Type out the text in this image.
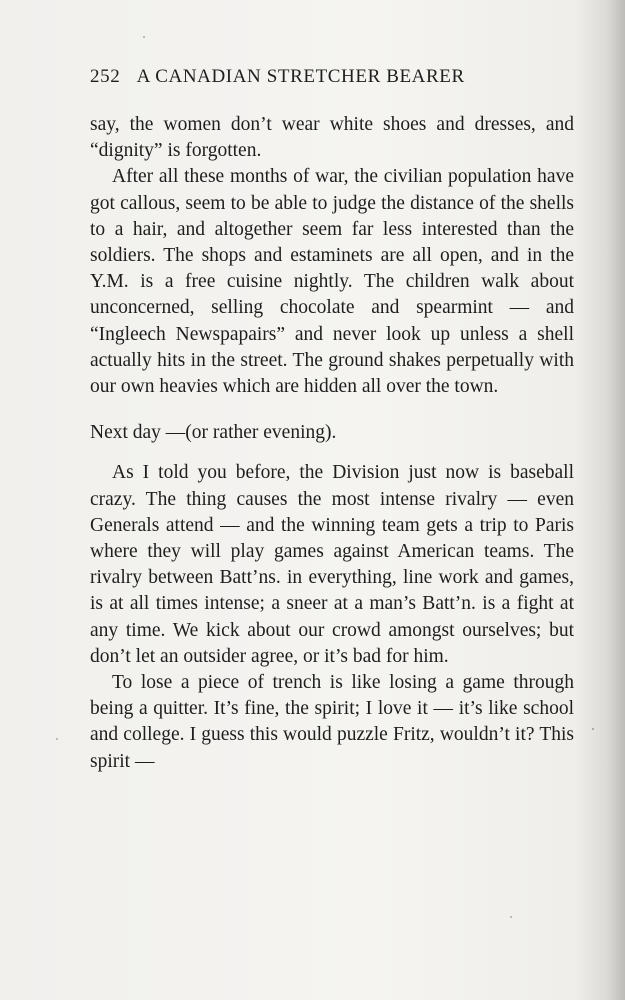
252 A CANADIAN STRETCHER BEARER

say, the women don’t wear white shoes and dresses, and “dignity” is forgotten.

After all these months of war, the civilian population have got callous, seem to be able to judge the distance of the shells to a hair, and altogether seem far less interested than the soldiers. The shops and estaminets are all open, and in the Y.M. is a free cuisine nightly. The children walk about unconcerned, selling chocolate and spearmint — and “Ingleech Newspapairs” and never look up unless a shell actually hits in the street. The ground shakes perpetually with our own heavies which are hidden all over the town.

Next day —(or rather evening).

As I told you before, the Division just now is baseball crazy. The thing causes the most intense rivalry — even Generals attend — and the winning team gets a trip to Paris where they will play games against American teams. The rivalry between Batt’ns. in everything, line work and games, is at all times intense; a sneer at a man’s Batt’n. is a fight at any time. We kick about our crowd amongst ourselves; but don’t let an outsider agree, or it’s bad for him.

To lose a piece of trench is like losing a game through being a quitter. It’s fine, the spirit; I love it — it’s like school and college. I guess this would puzzle Fritz, wouldn’t it? This spirit —
